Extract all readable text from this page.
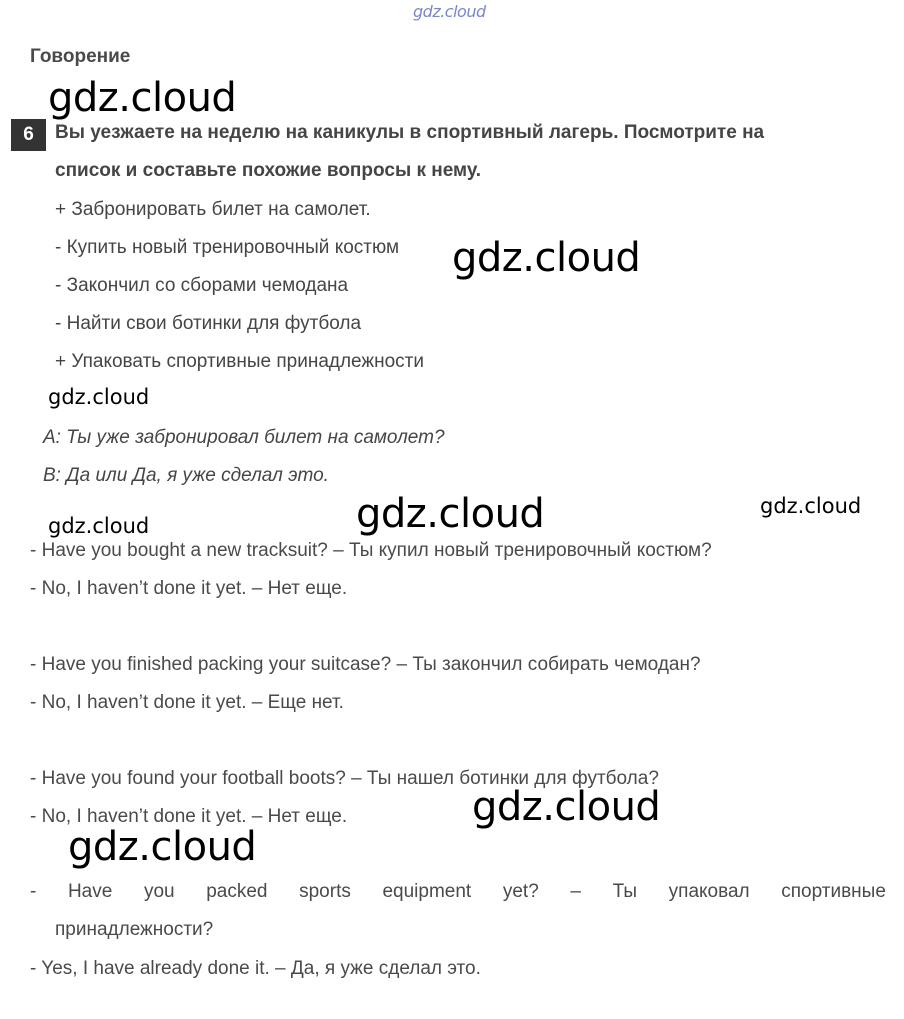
gdz.cloud
Говорение
gdz.cloud
gdz.cloud
gdz.cloud
gdz.cloud	gdz.cloud	gdz.cloud
gdz.cloud
gdz.cloud
6	Вы уезжаете на неделю на каникулы в спортивный лагерь. Посмотрите на
список и составьте похожие вопросы к нему.
+ Забронировать билет на самолет.
- Купить новый тренировочный костюм
- Закончил со сборами чемодана
- Найти свои ботинки для футбола
+ Упаковать спортивные принадлежности
A: Ты уже забронировал билет на самолет?
B: Да или Да, я уже сделал это.
- Have you bought a new tracksuit? – Ты купил новый тренировочный костюм?
- No, I haven’t done it yet. – Нет еще.
- Have you finished packing your suitcase? – Ты закончил собирать чемодан?
- No, I haven’t done it yet. – Еще нет.
- Have you found your football boots? – Ты нашел ботинки для футбола?
- No, I haven’t done it yet. – Нет еще.
- Have you packed sports equipment yet? – Ты упаковал спортивные
принадлежности?
- Yes, I have already done it. – Да, я уже сделал это.
